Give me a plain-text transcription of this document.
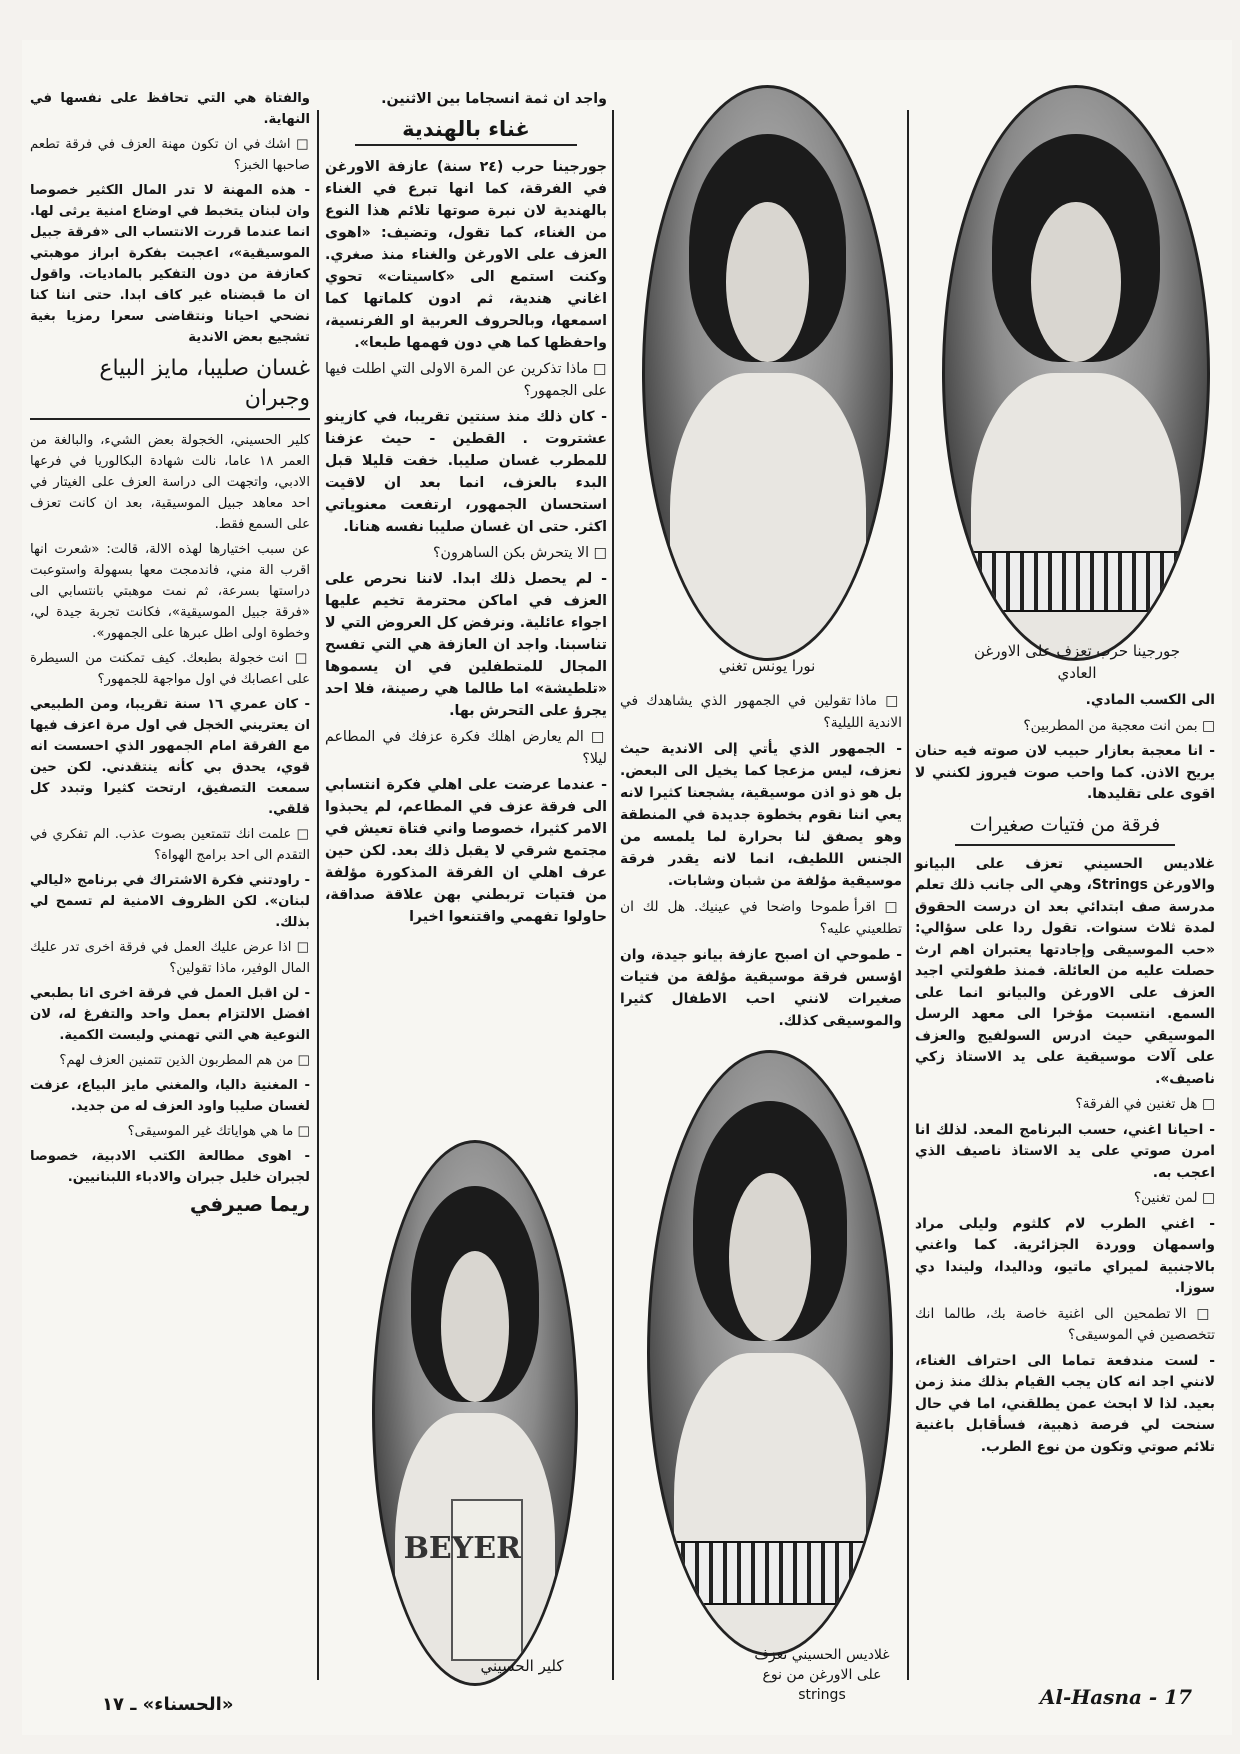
والفتاة هي التي تحافظ على نفسها في النهاية.

□ اشك في ان تكون مهنة العزف في فرقة تطعم صاحبها الخبز؟

- هذه المهنة لا تدر المال الكثير خصوصا وان لبنان يتخبط في اوضاع امنية يرثى لها. انما عندما قررت الانتساب الى «فرقة جبيل الموسيقية»، اعجبت بفكرة ابراز موهبتي كعازفة من دون التفكير بالماديات. واقول ان ما قبضناه غير كاف ابدا. حتى اننا كنا نضحي احيانا ونتقاضى سعرا رمزيا بغية تشجيع بعض الاندية

غسان صليبا، مايز البياع وجبران

كلير الحسيني، الخجولة بعض الشيء، والبالغة من العمر ١٨ عاما، نالت شهادة البكالوريا في فرعها الادبي، واتجهت الى دراسة العزف على الغيتار في احد معاهد جبيل الموسيقية، بعد ان كانت تعزف على السمع فقط.

عن سبب اختيارها لهذه الالة، قالت: «شعرت انها اقرب الة مني، فاندمجت معها بسهولة واستوعبت دراستها بسرعة، ثم نمت موهبتي بانتسابي الى «فرقة جبيل الموسيقية»، فكانت تجربة جيدة لي، وخطوة اولى اطل عبرها على الجمهور».

□ انت خجولة بطبعك. كيف تمكنت من السيطرة على اعصابك في اول مواجهة للجمهور؟

- كان عمري ١٦ سنة تقريبا، ومن الطبيعي ان يعتريني الخجل في اول مرة اعزف فيها مع الفرقة امام الجمهور الذي احسست انه قوي، يحدق بي كأنه ينتقدني. لكن حين سمعت التصفيق، ارتحت كثيرا وتبدد كل قلقي.

□ علمت انك تتمتعين بصوت عذب. الم تفكري في التقدم الى احد برامج الهواة؟

- راودتني فكرة الاشتراك في برنامج «ليالي لبنان». لكن الظروف الامنية لم تسمح لي بذلك.

□ اذا عرض عليك العمل في فرقة اخرى تدر عليك المال الوفير، ماذا تقولين؟

- لن اقبل العمل في فرقة اخرى انا بطبعي افضل الالتزام بعمل واحد والتفرغ له، لان النوعية هي التي تهمني وليست الكمية.

□ من هم المطربون الذين تتمنين العزف لهم؟

- المغنية داليا، والمغني مايز البياع، عزفت لغسان صليبا واود العزف له من جديد.

□ ما هي هواياتك غير الموسيقى؟

- اهوى مطالعة الكتب الادبية، خصوصا لجبران خليل جبران والادباء اللبنانيين.

ريما صيرفي

واجد ان ثمة انسجاما بين الاثنين.

غناء بالهندية

جورجينا حرب (٢٤ سنة) عازفة الاورغن في الفرقة، كما انها تبرع في الغناء بالهندية لان نبرة صوتها تلائم هذا النوع من الغناء، كما تقول، وتضيف: «اهوى العزف على الاورغن والغناء منذ صغري. وكنت استمع الى «كاسيتات» تحوي اغاني هندية، ثم ادون كلماتها كما اسمعها، وبالحروف العربية او الفرنسية، واحفظها كما هي دون فهمها طبعا».

□ ماذا تذكرين عن المرة الاولى التي اطلت فيها على الجمهور؟

- كان ذلك منذ سنتين تقريبا، في كازينو عشتروت . القطين - حيث عزفنا للمطرب غسان صليبا. خفت قليلا قبل البدء بالعزف، انما بعد ان لاقيت استحسان الجمهور، ارتفعت معنوياتي اكثر. حتى ان غسان صليبا نفسه هنانا.

□ الا يتحرش بكن الساهرون؟

- لم يحصل ذلك ابدا. لاننا نحرص على العزف في اماكن محترمة تخيم عليها اجواء عائلية. ونرفض كل العروض التي لا تناسبنا. واجد ان العازفة هي التي تفسح المجال للمتطفلين في ان يسموها «تلطيشة» اما طالما هي رصينة، فلا احد يجرؤ على التحرش بها.

□ الم يعارض اهلك فكرة عزفك في المطاعم ليلا؟

- عندما عرضت على اهلي فكرة انتسابي الى فرقة عزف في المطاعم، لم يحبذوا الامر كثيرا، خصوصا واني فتاة تعيش في مجتمع شرقي لا يقبل ذلك بعد. لكن حين عرف اهلي ان الفرقة المذكورة مؤلفة من فتيات تربطني بهن علاقة صداقة، حاولوا تفهمي واقتنعوا اخيرا

BEYER
كلير الحسيني
نورا يونس تغني

□ ماذا تقولين في الجمهور الذي يشاهدك في الاندية الليلية؟

- الجمهور الذي يأتي إلى الاندية حيث نعزف، ليس مزعجا كما يخيل الى البعض. بل هو ذو اذن موسيقية، يشجعنا كثيرا لانه يعي اننا نقوم بخطوة جديدة في المنطقة وهو يصفق لنا بحرارة لما يلمسه من الجنس اللطيف، انما لانه يقدر فرقة موسيقية مؤلفة من شبان وشابات.

□ اقرأ طموحا واضحا في عينيك. هل لك ان تطلعيني عليه؟

- طموحي ان اصبح عازفة بيانو جيدة، وان اؤسس فرقة موسيقية مؤلفة من فتيات صغيرات لانني احب الاطفال كثيرا والموسيقى كذلك.

غلاديس الحسيني تعزف على الاورغن من نوع strings
جورجينا حرب تعزف على الاورغن العادي

الى الكسب المادي.

□ بمن انت معجبة من المطربين؟

- انا معجبة بعازار حبيب لان صوته فيه حنان يريح الاذن. كما واحب صوت فيروز لكنني لا اقوى على تقليدها.

فرقة من فتيات صغيرات

غلاديس الحسيني تعزف على البيانو والاورغن Strings، وهي الى جانب ذلك تعلم مدرسة صف ابتدائي بعد ان درست الحقوق لمدة ثلاث سنوات. تقول ردا على سؤالي: «حب الموسيقى وإجادتها يعتبران اهم ارث حصلت عليه من العائلة. فمنذ طفولتي اجيد العزف على الاورغن والبيانو انما على السمع. انتسبت مؤخرا الى معهد الرسل الموسيقي حيث ادرس السولفيج والعزف على آلات موسيقية على يد الاستاذ زكي ناصيف».

□ هل تغنين في الفرقة؟

- احيانا اغني، حسب البرنامج المعد. لذلك انا امرن صوتي على يد الاستاذ ناصيف الذي اعجب به.

□ لمن تغنين؟

- اغني الطرب لام كلثوم وليلى مراد واسمهان ووردة الجزائرية. كما واغني بالاجنبية لميراي ماتيو، وداليدا، وليندا دي سوزا.

□ الا تطمحين الى اغنية خاصة بك، طالما انك تتخصصين في الموسيقى؟

- لست مندفعة تماما الى احتراف الغناء، لانني اجد انه كان يجب القيام بذلك منذ زمن بعيد. لذا لا ابحث عمن يطلقني، اما في حال سنحت لي فرصة ذهبية، فسأقابل باغنية تلائم صوتي وتكون من نوع الطرب.

Al-Hasna - 17
«الحسناء» ـ ١٧
